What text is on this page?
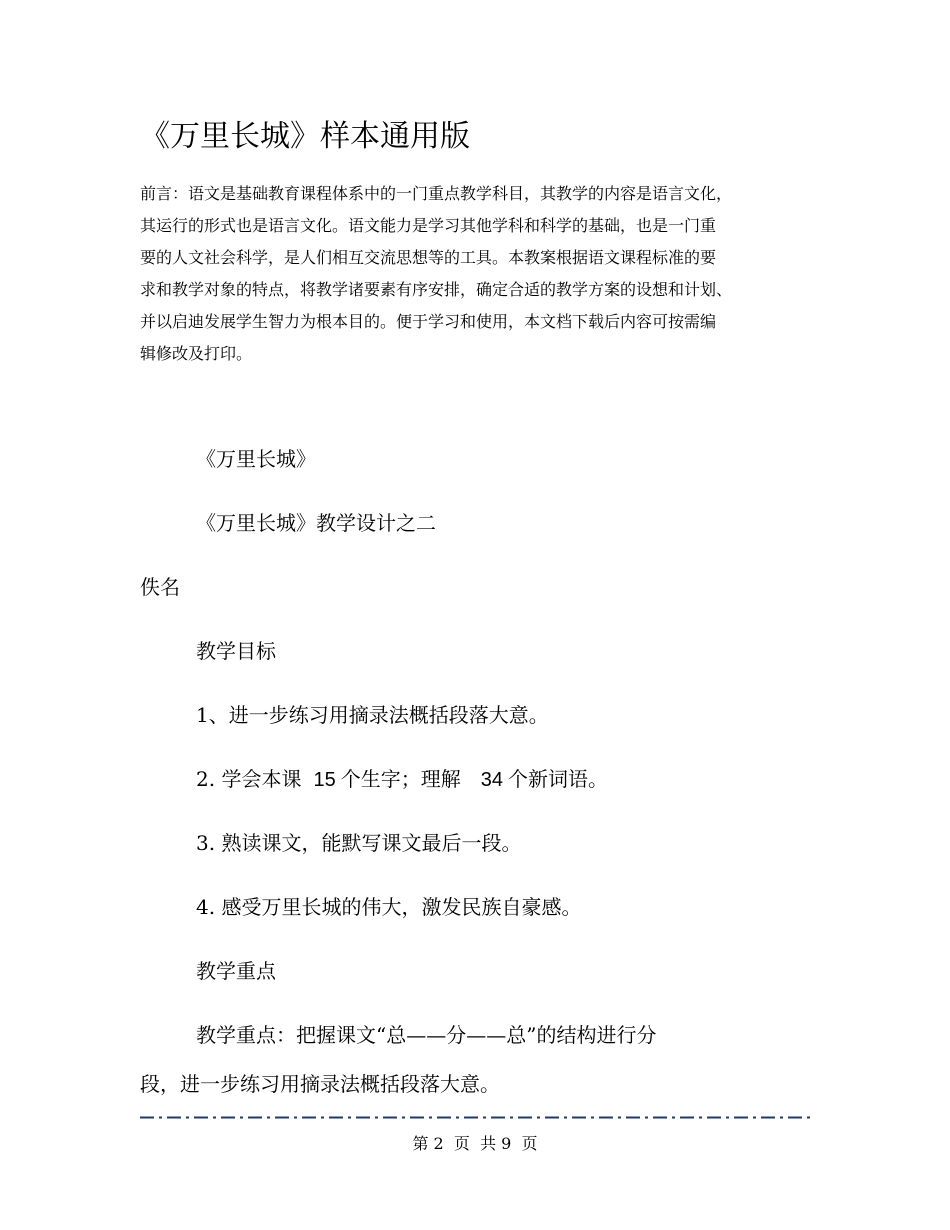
《万里长城》样本通用版
前言：语文是基础教育课程体系中的一门重点教学科目，其教学的内容是语言文化，
其运行的形式也是语言文化。语文能力是学习其他学科和科学的基础，也是一门重
要的人文社会科学，是人们相互交流思想等的工具。本教案根据语文课程标准的要
求和教学对象的特点，将教学诸要素有序安排，确定合适的教学方案的设想和计划、
并以启迪发展学生智力为根本目的。便于学习和使用，本文档下载后内容可按需编
辑修改及打印。
《万里长城》
《万里长城》教学设计之二
佚名
教学目标
1、进一步练习用摘录法概括段落大意。
2. 学会本课 15 个生字；理解 34 个新词语。
3. 熟读课文，能默写课文最后一段。
4. 感受万里长城的伟大，激发民族自豪感。
教学重点
教学重点：把握课文“总——分——总”的结构进行分
段，进一步练习用摘录法概括段落大意。
第 2  页  共 9  页
